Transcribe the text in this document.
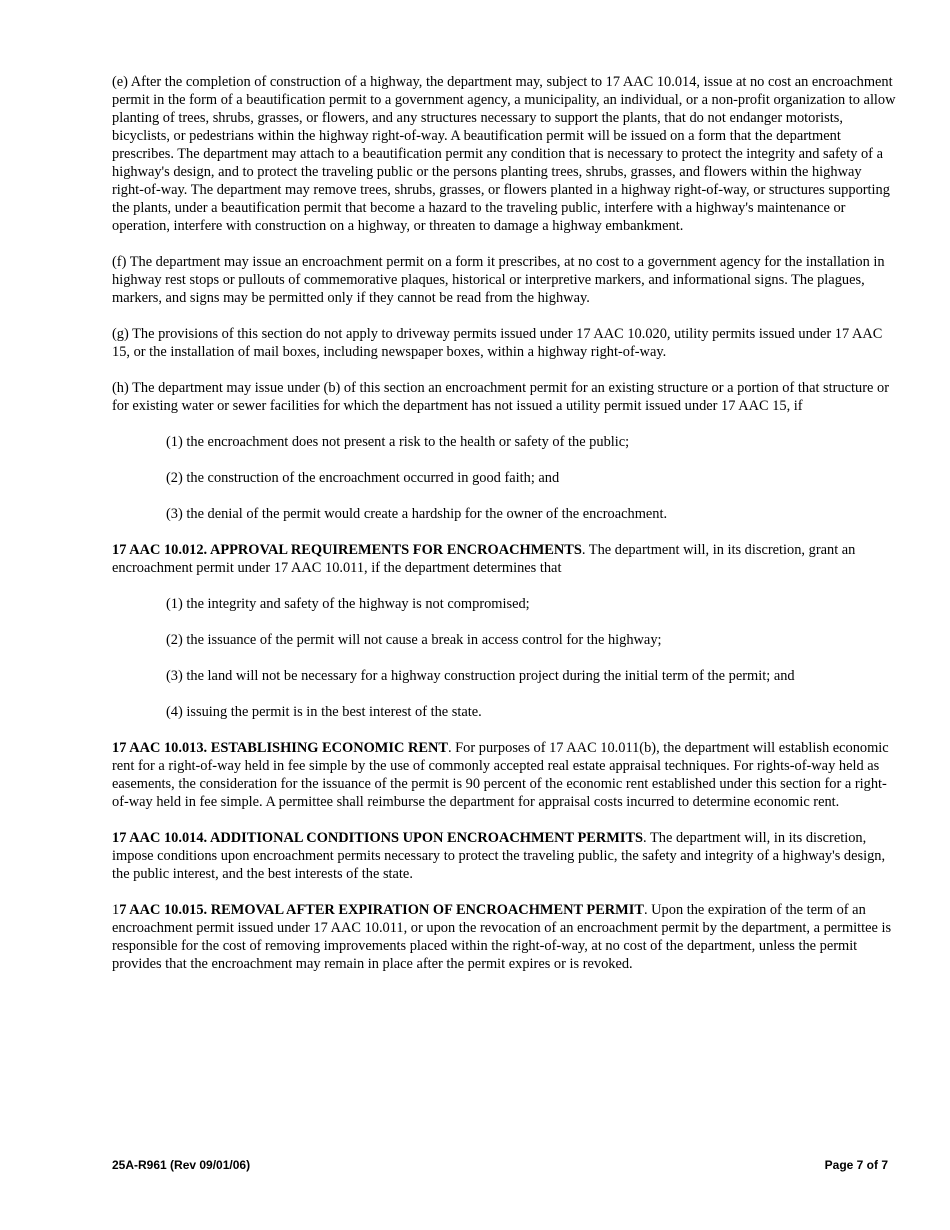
(e) After the completion of construction of a highway, the department may, subject to 17 AAC 10.014, issue at no cost an encroachment permit in the form of a beautification permit to a government agency, a municipality, an individual, or a non-profit organization to allow planting of trees, shrubs, grasses, or flowers, and any structures necessary to support the plants, that do not endanger motorists, bicyclists, or pedestrians within the highway right-of-way. A beautification permit will be issued on a form that the department prescribes. The department may attach to a beautification permit any condition that is necessary to protect the integrity and safety of a highway's design, and to protect the traveling public or the persons planting trees, shrubs, grasses, and flowers within the highway right-of-way. The department may remove trees, shrubs, grasses, or flowers planted in a highway right-of-way, or structures supporting the plants, under a beautification permit that become a hazard to the traveling public, interfere with a highway's maintenance or operation, interfere with construction on a highway, or threaten to damage a highway embankment.

(f) The department may issue an encroachment permit on a form it prescribes, at no cost to a government agency for the installation in highway rest stops or pullouts of commemorative plaques, historical or interpretive markers, and informational signs. The plagues, markers, and signs may be permitted only if they cannot be read from the highway.

(g) The provisions of this section do not apply to driveway permits issued under 17 AAC 10.020, utility permits issued under 17 AAC 15, or the installation of mail boxes, including newspaper boxes, within a highway right-of-way.

(h) The department may issue under (b) of this section an encroachment permit for an existing structure or a portion of that structure or for existing water or sewer facilities for which the department has not issued a utility permit issued under 17 AAC 15, if

(1) the encroachment does not present a risk to the health or safety of the public;

(2) the construction of the encroachment occurred in good faith; and

(3) the denial of the permit would create a hardship for the owner of the encroachment.

17 AAC 10.012. APPROVAL REQUIREMENTS FOR ENCROACHMENTS. The department will, in its discretion, grant an encroachment permit under 17 AAC 10.011, if the department determines that

(1) the integrity and safety of the highway is not compromised;

(2) the issuance of the permit will not cause a break in access control for the highway;

(3) the land will not be necessary for a highway construction project during the initial term of the permit; and

(4) issuing the permit is in the best interest of the state.

17 AAC 10.013. ESTABLISHING ECONOMIC RENT. For purposes of 17 AAC 10.011(b), the department will establish economic rent for a right-of-way held in fee simple by the use of commonly accepted real estate appraisal techniques. For rights-of-way held as easements, the consideration for the issuance of the permit is 90 percent of the economic rent established under this section for a right-of-way held in fee simple. A permittee shall reimburse the department for appraisal costs incurred to determine economic rent.

17 AAC 10.014. ADDITIONAL CONDITIONS UPON ENCROACHMENT PERMITS. The department will, in its discretion, impose conditions upon encroachment permits necessary to protect the traveling public, the safety and integrity of a highway's design, the public interest, and the best interests of the state.

17 AAC 10.015. REMOVAL AFTER EXPIRATION OF ENCROACHMENT PERMIT. Upon the expiration of the term of an encroachment permit issued under 17 AAC 10.011, or upon the revocation of an encroachment permit by the department, a permittee is responsible for the cost of removing improvements placed within the right-of-way, at no cost of the department, unless the permit provides that the encroachment may remain in place after the permit expires or is revoked.

25A-R961 (Rev 09/01/06)	Page 7 of 7
